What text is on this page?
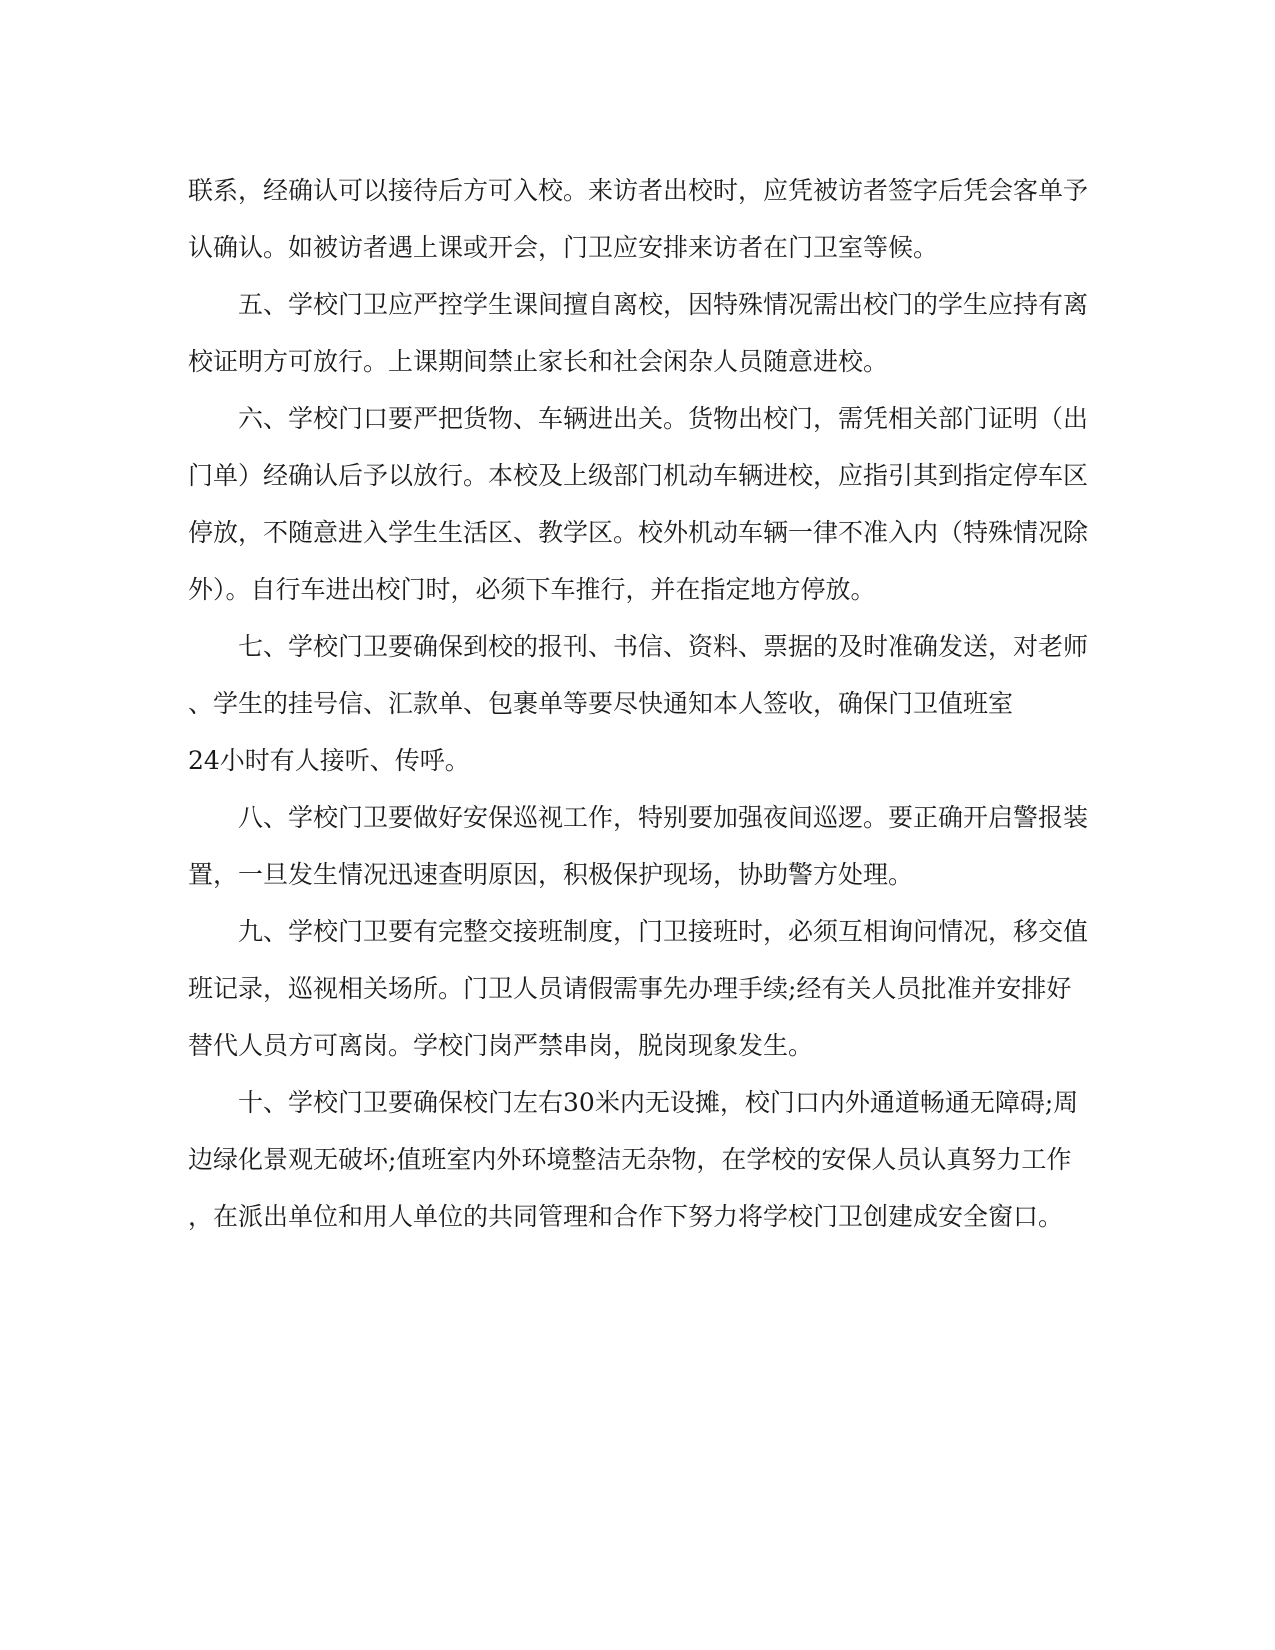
联系，经确认可以接待后方可入校。来访者出校时，应凭被访者签字后凭会客单予
认确认。如被访者遇上课或开会，门卫应安排来访者在门卫室等候。
五、学校门卫应严控学生课间擅自离校，因特殊情况需出校门的学生应持有离
校证明方可放行。上课期间禁止家长和社会闲杂人员随意进校。
六、学校门口要严把货物、车辆进出关。货物出校门，需凭相关部门证明（出
门单）经确认后予以放行。本校及上级部门机动车辆进校，应指引其到指定停车区
停放，不随意进入学生生活区、教学区。校外机动车辆一律不准入内（特殊情况除
外）。自行车进出校门时，必须下车推行，并在指定地方停放。
七、学校门卫要确保到校的报刊、书信、资料、票据的及时准确发送，对老师
、学生的挂号信、汇款单、包裹单等要尽快通知本人签收，确保门卫值班室
24小时有人接听、传呼。
八、学校门卫要做好安保巡视工作，特别要加强夜间巡逻。要正确开启警报装
置，一旦发生情况迅速查明原因，积极保护现场，协助警方处理。
九、学校门卫要有完整交接班制度，门卫接班时，必须互相询问情况，移交值
班记录，巡视相关场所。门卫人员请假需事先办理手续;经有关人员批准并安排好
替代人员方可离岗。学校门岗严禁串岗，脱岗现象发生。
十、学校门卫要确保校门左右30米内无设摊，校门口内外通道畅通无障碍;周
边绿化景观无破坏;值班室内外环境整洁无杂物，在学校的安保人员认真努力工作
，在派出单位和用人单位的共同管理和合作下努力将学校门卫创建成安全窗口。
